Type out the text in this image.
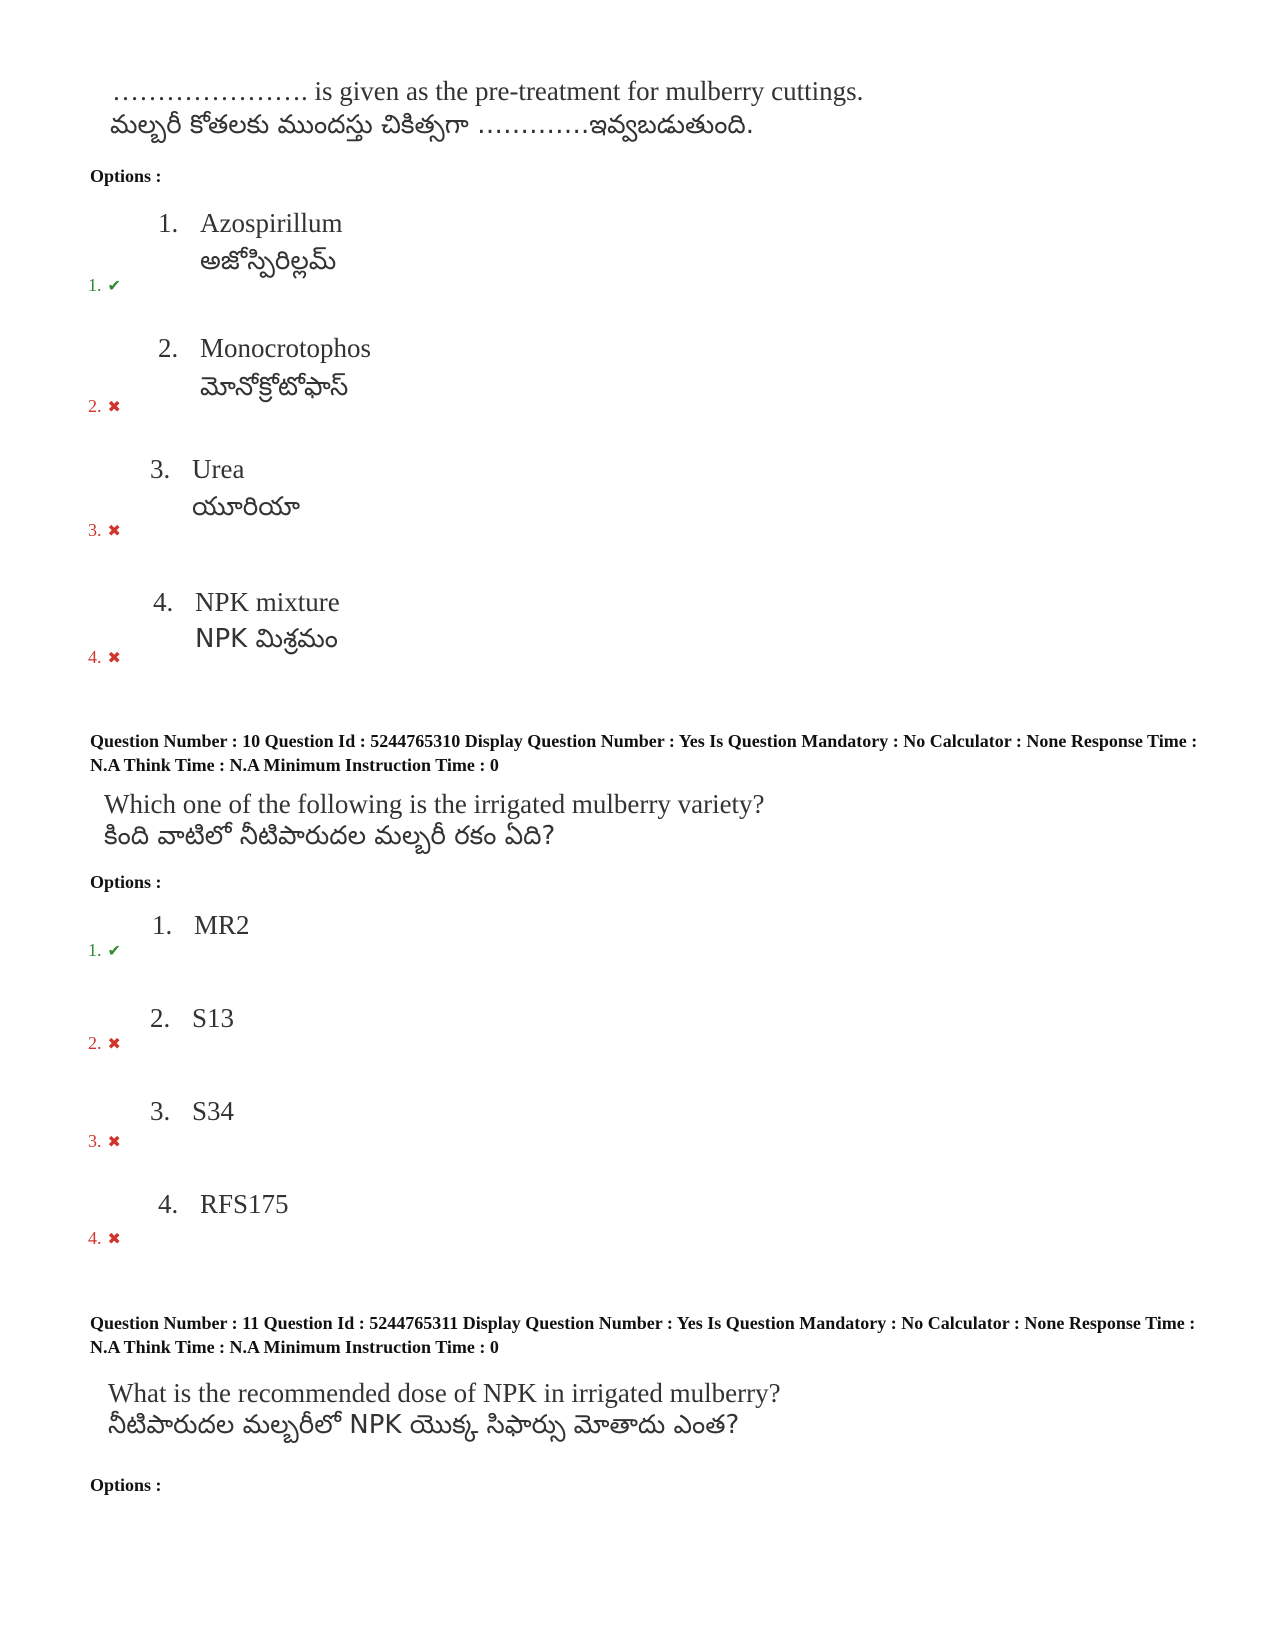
…………………. is given as the pre-treatment for mulberry cuttings.
మల్బరీ కోతలకు ముందస్తు చికిత్సగా ………….ఇవ్వబడుతుంది.
Options :
1. Azospirillum
అజోస్పిరిల్లమ్
1. ✔
2. Monocrotophos
మోనోక్రోటోఫాస్
2. ✖
3. Urea
యూరియా
3. ✖
4. NPK mixture
NPK మిశ్రమం
4. ✖
Question Number : 10 Question Id : 5244765310 Display Question Number : Yes Is Question Mandatory : No Calculator : None Response Time : N.A Think Time : N.A Minimum Instruction Time : 0
Which one of the following is the irrigated mulberry variety?
కింది వాటిలో నీటిపారుదల మల్బరీ రకం ఏది?
Options :
1. MR2
1. ✔
2. S13
2. ✖
3. S34
3. ✖
4. RFS175
4. ✖
Question Number : 11 Question Id : 5244765311 Display Question Number : Yes Is Question Mandatory : No Calculator : None Response Time : N.A Think Time : N.A Minimum Instruction Time : 0
What is the recommended dose of NPK in irrigated mulberry?
నీటిపారుదల మల్బరీలో NPK యొక్క సిఫార్సు మోతాదు ఎంత?
Options :
